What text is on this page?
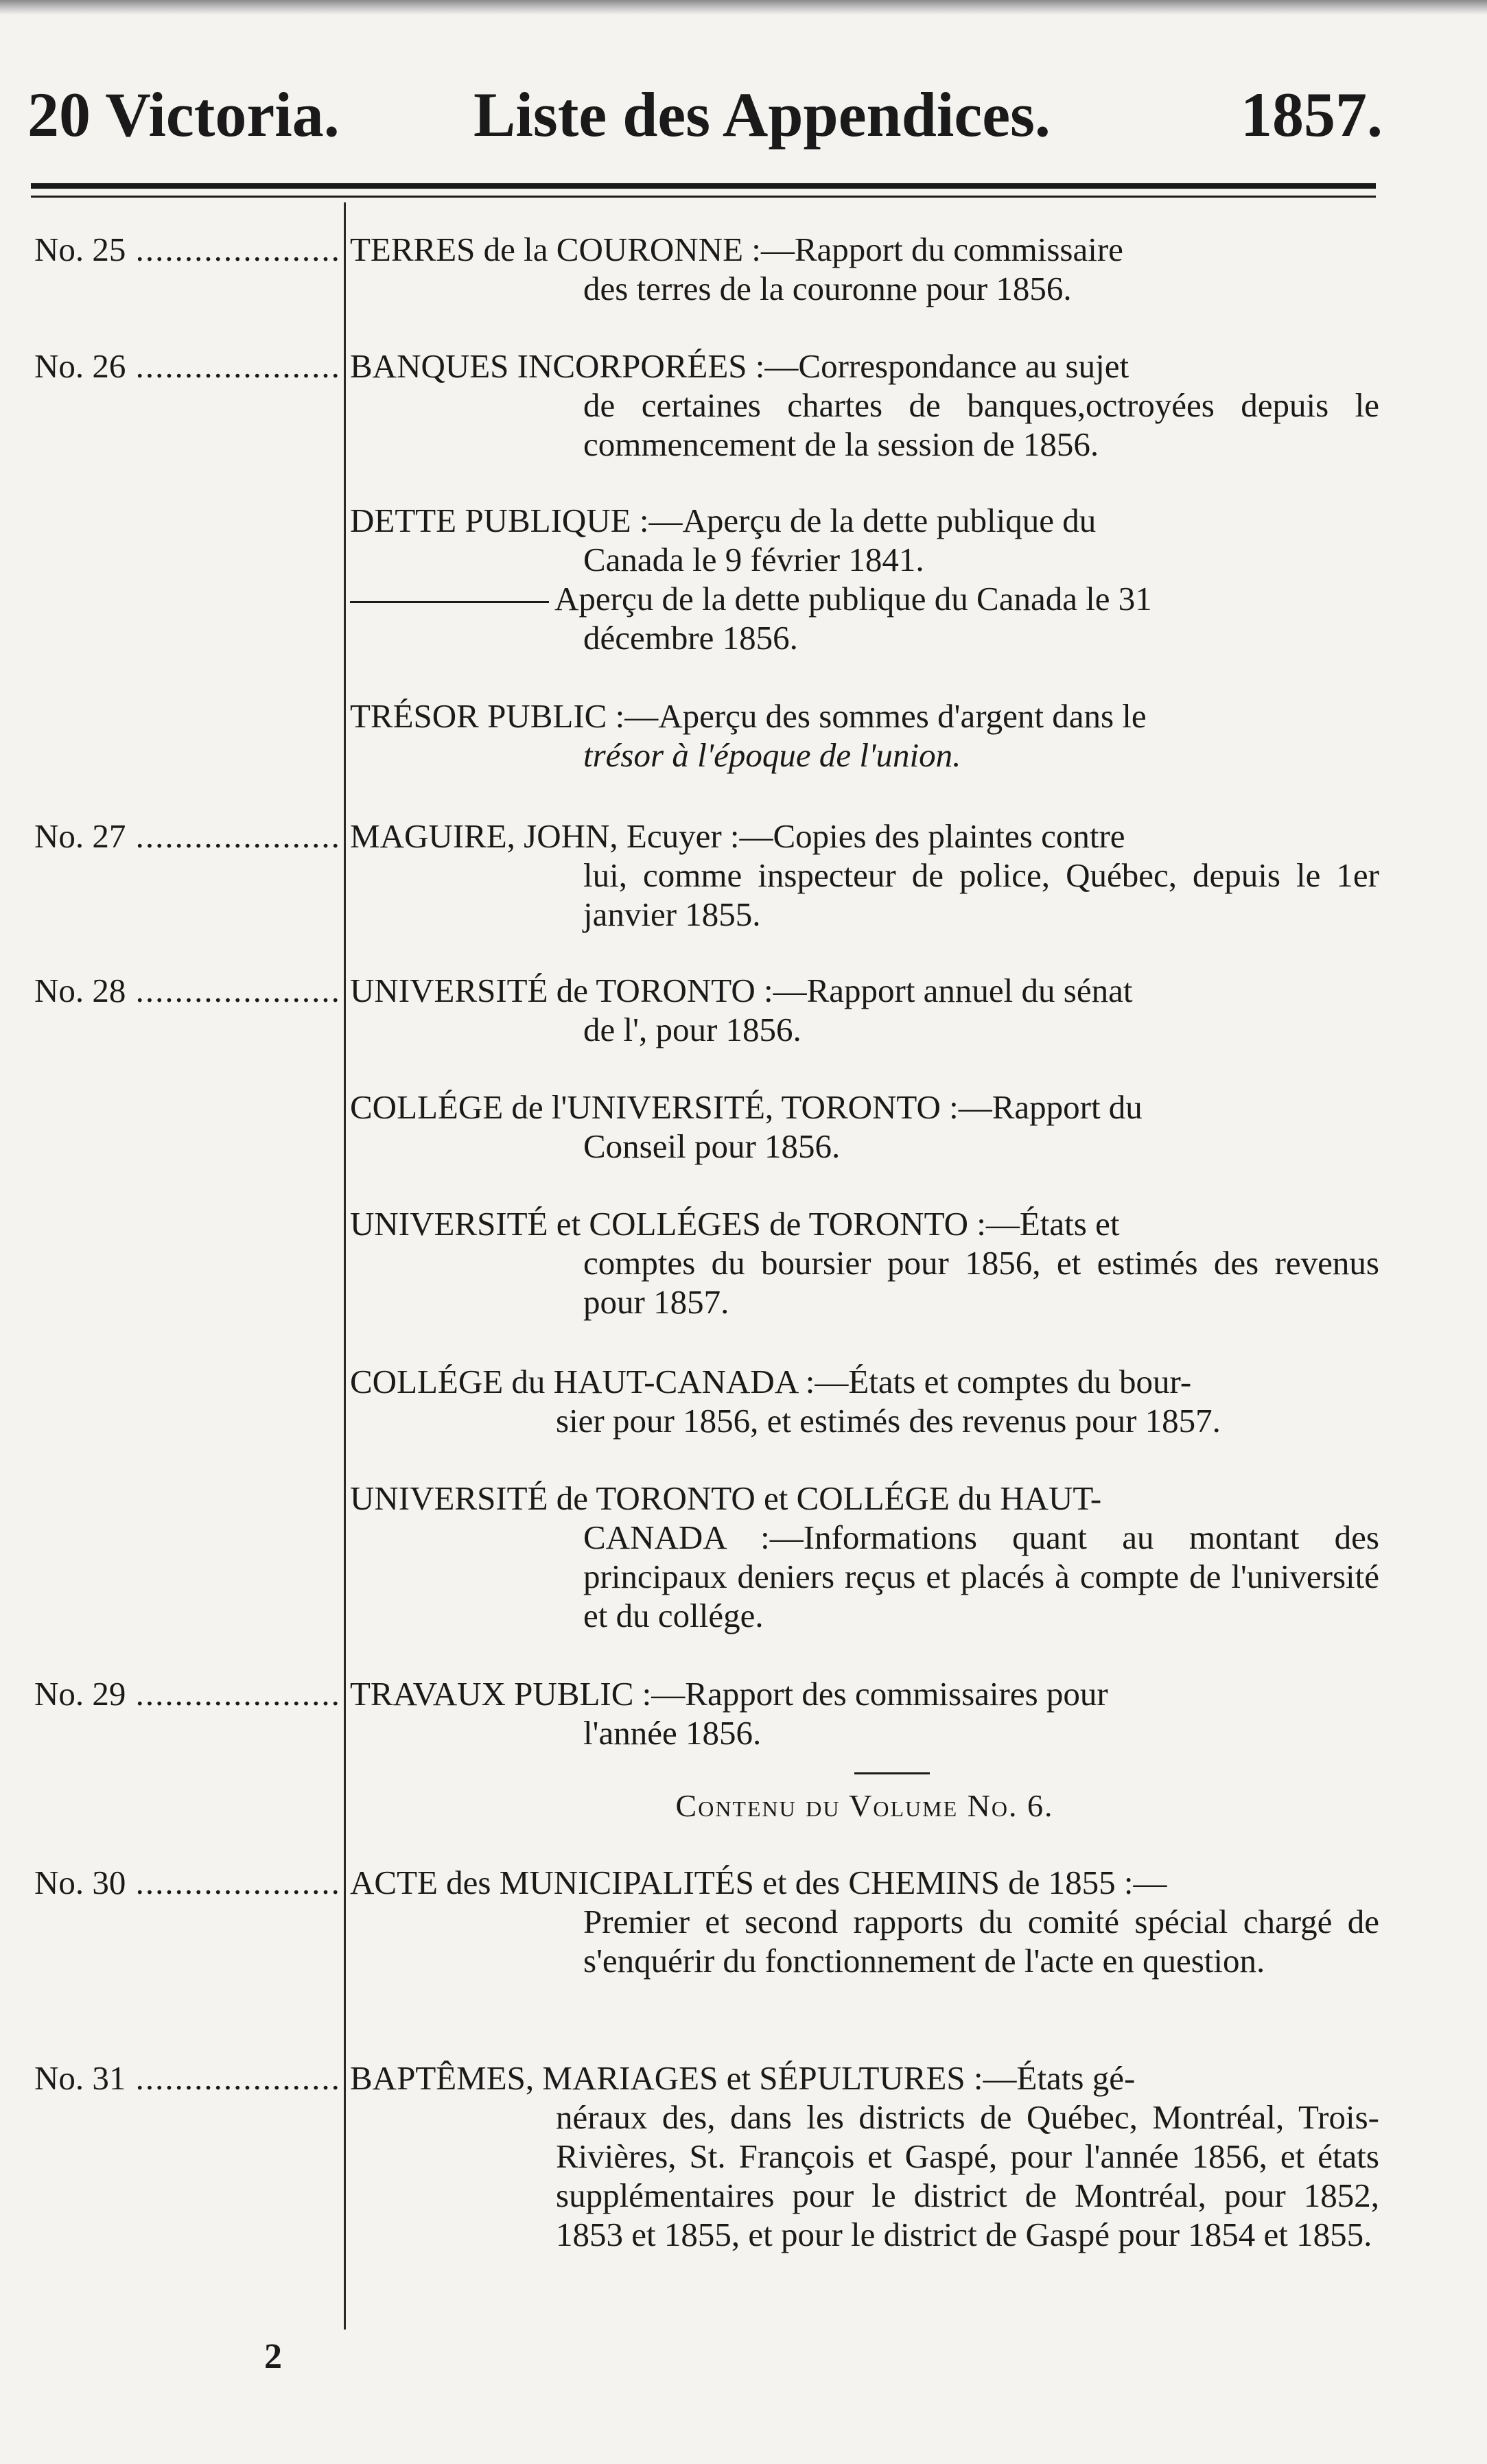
20 Victoria. Liste des Appendices.	1857.
No. 25 .....	TERRES de la COURONNE :—Rapport du commissaire
des terres de la couronne pour 1856.
No. 26 .....	BANQUES INCORPORÉES :—Correspondance au sujet
de certaines chartes de banques,octroyées depuis le commencement de la session de 1856.
DETTE PUBLIQUE :—Aperçu de la dette publique du
Canada le 9 février 1841.
Aperçu de la dette publique du Canada le 31
décembre 1856.
TRÉSOR PUBLIC :—Aperçu des sommes d'argent dans le
trésor à l'époque de l'union.
No. 27 .....	MAGUIRE, JOHN, Ecuyer :—Copies des plaintes contre
lui, comme inspecteur de police, Québec, depuis le 1er janvier 1855.
No. 28 .....	UNIVERSITÉ de TORONTO :—Rapport annuel du sénat
de l', pour 1856.
COLLÉGE de l'UNIVERSITÉ, TORONTO :—Rapport du
Conseil pour 1856.
UNIVERSITÉ et COLLÉGES de TORONTO :—États et
comptes du boursier pour 1856, et estimés des revenus pour 1857.
COLLÉGE du HAUT-CANADA :—États et comptes du bour-
sier pour 1856, et estimés des revenus pour 1857.
UNIVERSITÉ de TORONTO et COLLÉGE du HAUT-
CANADA :—Informations quant au montant des principaux deniers reçus et placés à compte de l'université et du collége.
No. 29 .....	TRAVAUX PUBLIC :—Rapport des commissaires pour
l'année 1856.
Contenu du Volume No. 6.
No. 30 .....	ACTE des MUNICIPALITÉS et des CHEMINS de 1855 :—
Premier et second rapports du comité spécial chargé de s'enquérir du fonctionnement de l'acte en question.
No. 31 .....	BAPTÊMES, MARIAGES et SÉPULTURES :—États gé-
néraux des, dans les districts de Québec, Montréal, Trois-Rivières, St. François et Gaspé, pour l'année 1856, et états supplémentaires pour le district de Montréal, pour 1852, 1853 et 1855, et pour le district de Gaspé pour 1854 et 1855.
2
